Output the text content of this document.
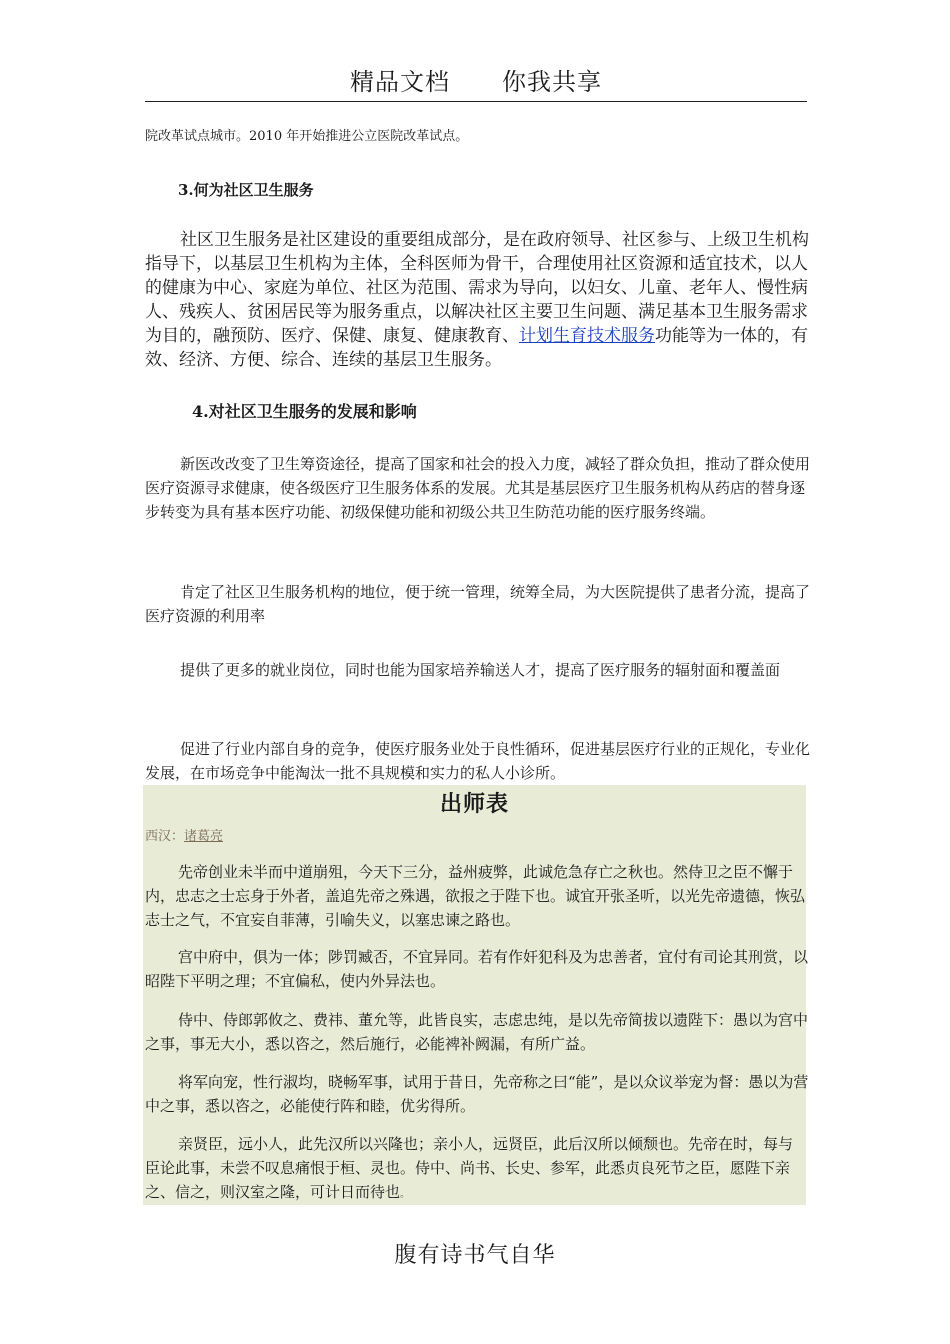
精品文档 你我共享

院改革试点城市。2010 年开始推进公立医院改革试点。

3.何为社区卫生服务

社区卫生服务是社区建设的重要组成部分，是在政府领导、社区参与、上级卫生机构指导下，以基层卫生机构为主体，全科医师为骨干，合理使用社区资源和适宜技术，以人的健康为中心、家庭为单位、社区为范围、需求为导向，以妇女、儿童、老年人、慢性病人、残疾人、贫困居民等为服务重点，以解决社区主要卫生问题、满足基本卫生服务需求为目的，融预防、医疗、保健、康复、健康教育、计划生育技术服务功能等为一体的，有效、经济、方便、综合、连续的基层卫生服务。

4.对社区卫生服务的发展和影响

新医改改变了卫生筹资途径，提高了国家和社会的投入力度，减轻了群众负担，推动了群众使用医疗资源寻求健康，使各级医疗卫生服务体系的发展。尤其是基层医疗卫生服务机构从药店的替身逐步转变为具有基本医疗功能、初级保健功能和初级公共卫生防范功能的医疗服务终端。

肯定了社区卫生服务机构的地位，便于统一管理，统筹全局，为大医院提供了患者分流，提高了医疗资源的利用率

提供了更多的就业岗位，同时也能为国家培养输送人才，提高了医疗服务的辐射面和覆盖面

促进了行业内部自身的竞争，使医疗服务业处于良性循环，促进基层医疗行业的正规化，专业化发展，在市场竞争中能淘汰一批不具规模和实力的私人小诊所。

出师表
西汉：诸葛亮

先帝创业未半而中道崩殂，今天下三分，益州疲弊，此诚危急存亡之秋也。然侍卫之臣不懈于内，忠志之士忘身于外者，盖追先帝之殊遇，欲报之于陛下也。诚宜开张圣听，以光先帝遗德，恢弘志士之气，不宜妄自菲薄，引喻失义，以塞忠谏之路也。

宫中府中，俱为一体；陟罚臧否，不宜异同。若有作奸犯科及为忠善者，宜付有司论其刑赏，以昭陛下平明之理；不宜偏私，使内外异法也。

侍中、侍郎郭攸之、费祎、董允等，此皆良实，志虑忠纯，是以先帝简拔以遗陛下：愚以为宫中之事，事无大小，悉以咨之，然后施行，必能裨补阙漏，有所广益。

将军向宠，性行淑均，晓畅军事，试用于昔日，先帝称之曰“能”，是以众议举宠为督：愚以为营中之事，悉以咨之，必能使行阵和睦，优劣得所。

亲贤臣，远小人，此先汉所以兴隆也；亲小人，远贤臣，此后汉所以倾颓也。先帝在时，每与臣论此事，未尝不叹息痛恨于桓、灵也。侍中、尚书、长史、参军，此悉贞良死节之臣，愿陛下亲之、信之，则汉室之隆，可计日而待也。

腹有诗书气自华
